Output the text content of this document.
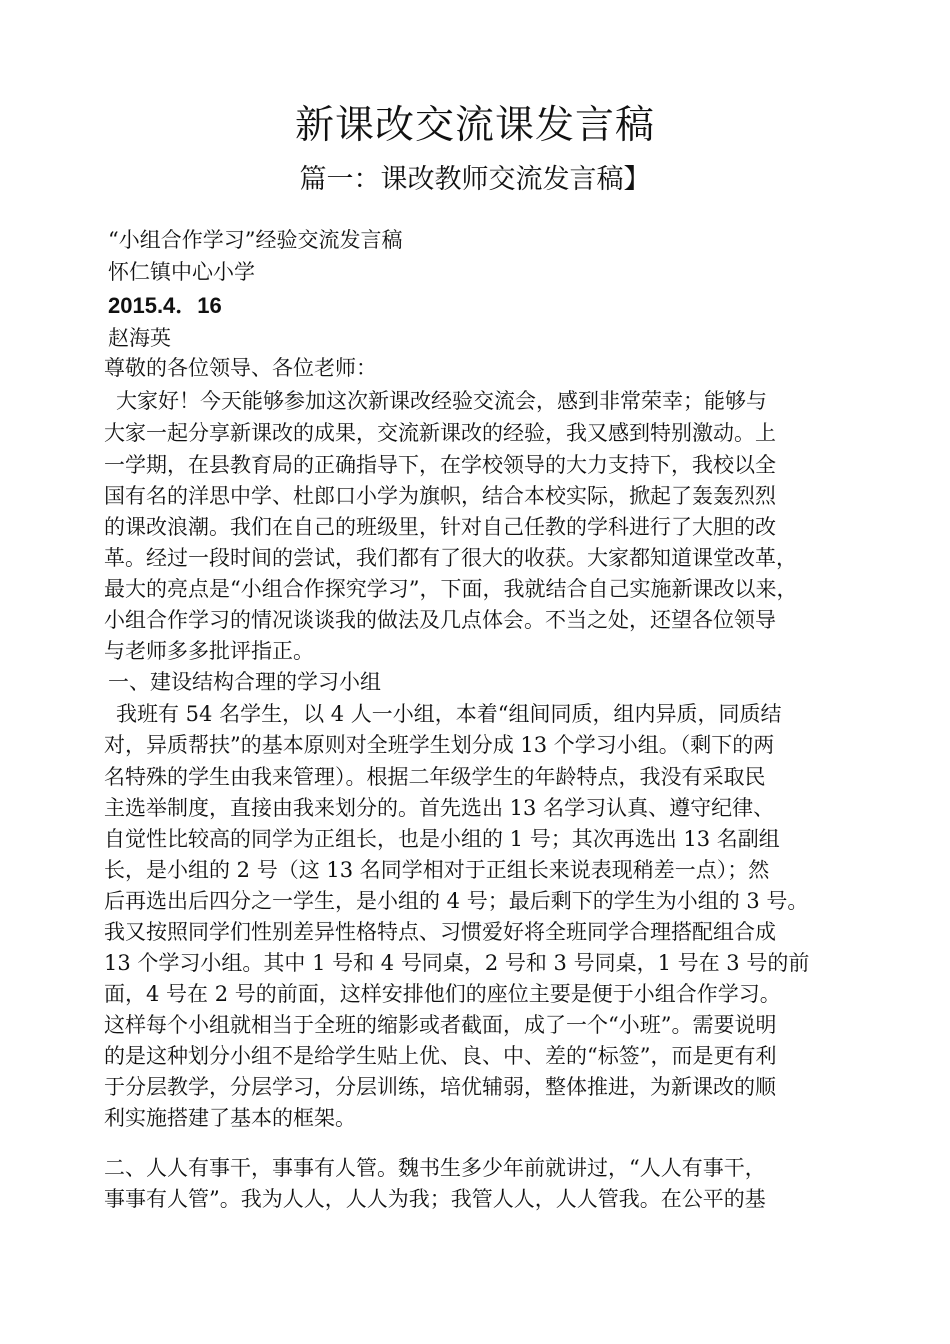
新课改交流课发言稿
篇一：课改教师交流发言稿】
“小组合作学习”经验交流发言稿
怀仁镇中心小学
2015.4．16
赵海英
尊敬的各位领导、各位老师：
大家好！今天能够参加这次新课改经验交流会，感到非常荣幸；能够与
大家一起分享新课改的成果，交流新课改的经验，我又感到特别激动。上
一学期，在县教育局的正确指导下，在学校领导的大力支持下，我校以全
国有名的洋思中学、杜郎口小学为旗帜，结合本校实际，掀起了轰轰烈烈
的课改浪潮。我们在自己的班级里，针对自己任教的学科进行了大胆的改
革。经过一段时间的尝试，我们都有了很大的收获。大家都知道课堂改革，
最大的亮点是“小组合作探究学习”，下面，我就结合自己实施新课改以来，
小组合作学习的情况谈谈我的做法及几点体会。不当之处，还望各位领导
与老师多多批评指正。
一、建设结构合理的学习小组
我班有 54 名学生，以 4 人一小组，本着“组间同质，组内异质，同质结
对，异质帮扶”的基本原则对全班学生划分成 13 个学习小组。（剩下的两
名特殊的学生由我来管理）。根据二年级学生的年龄特点，我没有采取民
主选举制度，直接由我来划分的。首先选出 13 名学习认真、遵守纪律、
自觉性比较高的同学为正组长，也是小组的 1 号；其次再选出 13 名副组
长，是小组的 2 号（这 13 名同学相对于正组长来说表现稍差一点）；然
后再选出后四分之一学生，是小组的 4 号；最后剩下的学生为小组的 3 号。
我又按照同学们性别差异性格特点、习惯爱好将全班同学合理搭配组合成
13 个学习小组。其中 1 号和 4 号同桌，2 号和 3 号同桌，1 号在 3 号的前
面，4 号在 2 号的前面，这样安排他们的座位主要是便于小组合作学习。
这样每个小组就相当于全班的缩影或者截面，成了一个“小班”。需要说明
的是这种划分小组不是给学生贴上优、良、中、差的“标签”，而是更有利
于分层教学，分层学习，分层训练，培优辅弱，整体推进，为新课改的顺
利实施搭建了基本的框架。
二、人人有事干，事事有人管。魏书生多少年前就讲过，“人人有事干，
事事有人管”。我为人人，人人为我；我管人人，人人管我。在公平的基
